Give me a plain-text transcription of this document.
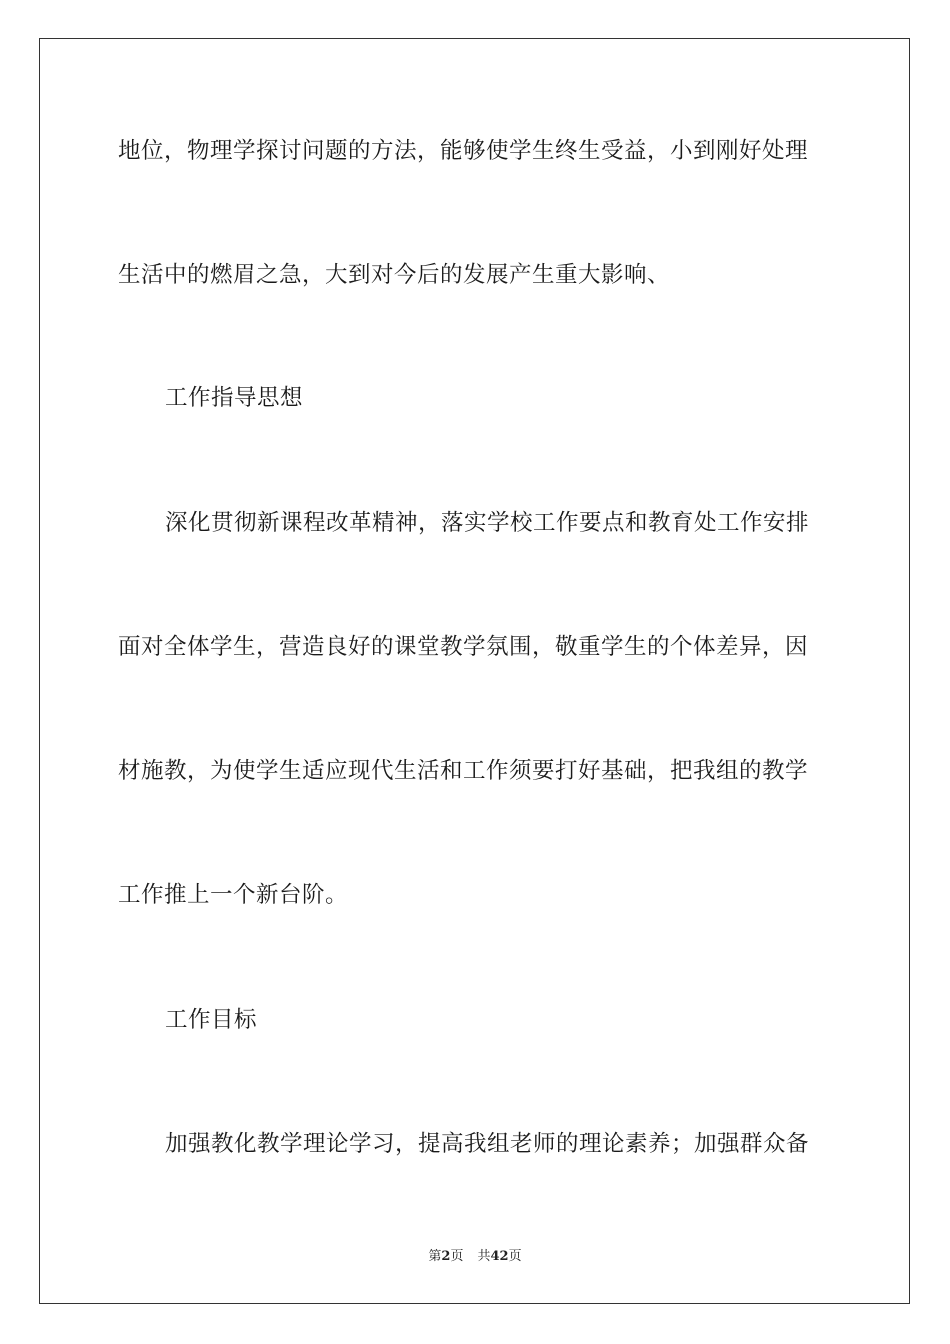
地位，物理学探讨问题的方法，能够使学生终生受益，小到刚好处理
生活中的燃眉之急，大到对今后的发展产生重大影响、
工作指导思想
深化贯彻新课程改革精神，落实学校工作要点和教育处工作安排
面对全体学生，营造良好的课堂教学氛围，敬重学生的个体差异，因
材施教，为使学生适应现代生活和工作须要打好基础，把我组的教学
工作推上一个新台阶。
工作目标
加强教化教学理论学习，提高我组老师的理论素养；加强群众备
第2页 共42页
